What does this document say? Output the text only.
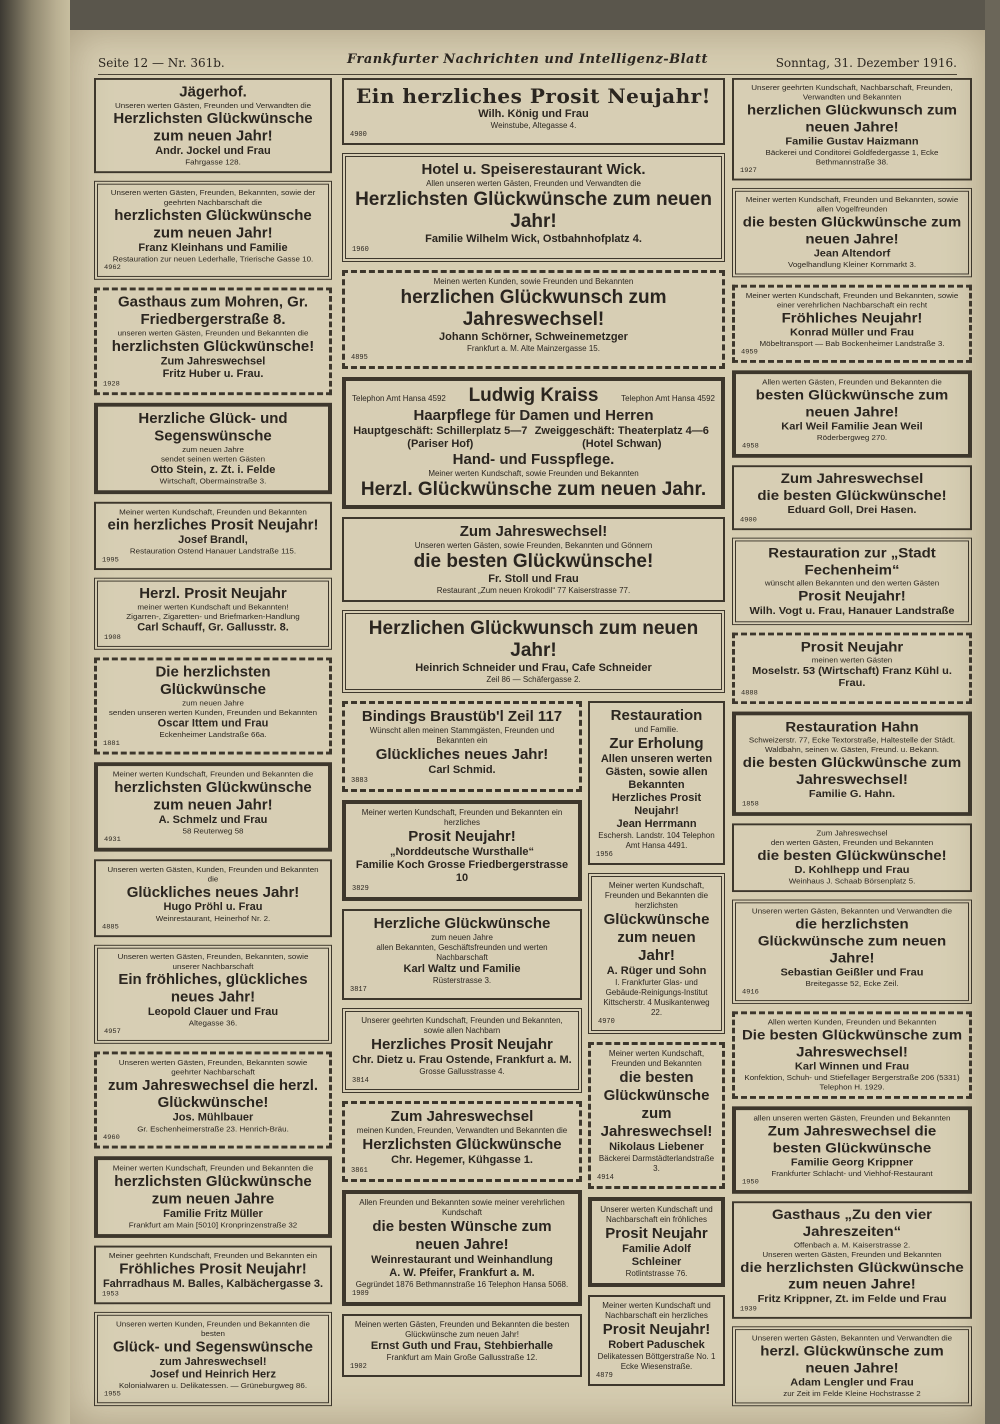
Seite 12 — Nr. 361b.	Frankfurter Nachrichten und Intelligenz-Blatt	Sonntag, 31. Dezember 1916.
Jägerhof.
Unseren werten Gästen, Freunden und Verwandten die
Herzlichsten Glückwünsche zum neuen Jahr!
Andr. Jockel und Frau
Fahrgasse 128.
Unseren werten Gästen, Freunden, Bekannten, sowie der geehrten Nachbarschaft die
herzlichsten Glückwünsche zum neuen Jahr!
Franz Kleinhans und Familie
Restauration zur neuen Lederhalle, Trierische Gasse 10.
4962
Gasthaus zum Mohren, Gr. Friedbergerstraße 8.
unseren werten Gästen, Freunden und Bekannten die
herzlichsten Glückwünsche!
Zum Jahreswechsel
Fritz Huber u. Frau.
1928
Herzliche Glück- und Segenswünsche
zum neuen Jahre
sendet seinen werten Gästen
Otto Stein, z. Zt. i. Felde
Wirtschaft, Obermainstraße 3.
Meiner werten Kundschaft, Freunden und Bekannten
ein herzliches Prosit Neujahr!
Josef Brandl,
Restauration Ostend Hanauer Landstraße 115.
1995
Herzl. Prosit Neujahr
meiner werten Kundschaft und Bekannten!
Zigarren-, Zigaretten- und Briefmarken-Handlung
Carl Schauff, Gr. Gallusstr. 8.
1908
Die herzlichsten Glückwünsche
zum neuen Jahre
senden unseren werten Kunden, Freunden und Bekannten
Oscar Ittem und Frau
Eckenheimer Landstraße 66a.
1881
Meiner werten Kundschaft, Freunden und Bekannten die
herzlichsten Glückwünsche zum neuen Jahr!
A. Schmelz und Frau
58 Reuterweg 58
4931
Unseren werten Gästen, Kunden, Freunden und Bekannten die
Glückliches neues Jahr!
Hugo Pröhl u. Frau
Weinrestaurant, Heinerhof Nr. 2.
4885
Unseren werten Gästen, Freunden, Bekannten, sowie unserer Nachbarschaft
Ein fröhliches, glückliches neues Jahr!
Leopold Clauer und Frau
Altegasse 36.
4957
Unseren werten Gästen, Freunden, Bekannten sowie geehrter Nachbarschaft
zum Jahreswechsel die herzl. Glückwünsche!
Jos. Mühlbauer
Gr. Eschenheimerstraße 23. Henrich-Bräu.
4960
Meiner werten Kundschaft, Freunden und Bekannten die
herzlichsten Glückwünsche zum neuen Jahre
Familie Fritz Müller
Frankfurt am Main [5010] Kronprinzenstraße 32
Meiner geehrten Kundschaft, Freunden und Bekannten ein
Fröhliches Prosit Neujahr!
Fahrradhaus M. Balles, Kalbächergasse 3.
1953
Unseren werten Kunden, Freunden und Bekannten die besten
Glück- und Segenswünsche
zum Jahreswechsel!
Josef und Heinrich Herz
Kolonialwaren u. Delikatessen. — Grüneburgweg 86.
1955
Ein herzliches Prosit Neujahr!
Wilh. König und Frau
Weinstube, Altegasse 4.
4900
Hotel u. Speiserestaurant Wick.
Allen unseren werten Gästen, Freunden und Verwandten die
Herzlichsten Glückwünsche zum neuen Jahr!
Familie Wilhelm Wick, Ostbahnhofplatz 4.
1960
Meinen werten Kunden, sowie Freunden und Bekannten
herzlichen Glückwunsch zum Jahreswechsel!
Johann Schörner, Schweinemetzger
Frankfurt a. M. Alte Mainzergasse 15.
4895
Telephon Amt Hansa 4592 Ludwig Kraiss	Telephon Amt Hansa 4592
Haarpflege für Damen und Herren
Hauptgeschäft: Schillerplatz 5—7 (Pariser Hof)
Zweiggeschäft: Theaterplatz 4—6 (Hotel Schwan)
Hand- und Fusspflege.
Meiner werten Kundschaft, sowie Freunden und Bekannten
Herzl. Glückwünsche zum neuen Jahr.
Zum Jahreswechsel!
Unseren werten Gästen, sowie Freunden, Bekannten und Gönnern
die besten Glückwünsche!
Fr. Stoll und Frau
Restaurant „Zum neuen Krokodil“ 77 Kaiserstrasse 77.
Herzlichen Glückwunsch zum neuen Jahr!
Heinrich Schneider und Frau, Cafe Schneider
Zeil 86 — Schäfergasse 2.
Bindings Braustüb'l Zeil 117
Wünscht allen meinen Stammgästen, Freunden und Bekannten ein
Glückliches neues Jahr!
Carl Schmid.
3883
Meiner werten Kundschaft, Freunden und Bekannten ein herzliches
Prosit Neujahr!
„Norddeutsche Wursthalle“
Familie Koch Grosse Friedbergerstrasse 10
3829
Herzliche Glückwünsche
zum neuen Jahre
allen Bekannten, Geschäftsfreunden und werten Nachbarschaft
Karl Waltz und Familie
Rüsterstrasse 3.
3817
Unserer geehrten Kundschaft, Freunden und Bekannten, sowie allen Nachbarn
Herzliches Prosit Neujahr
Chr. Dietz u. Frau Ostende, Frankfurt a. M.
Grosse Gallusstrasse 4.
3814
Zum Jahreswechsel
meinen Kunden, Freunden, Verwandten und Bekannten die
Herzlichsten Glückwünsche
Chr. Hegemer, Kühgasse 1.
3861
Allen Freunden und Bekannten sowie meiner verehrlichen Kundschaft
die besten Wünsche zum neuen Jahre!
Weinrestaurant und Weinhandlung
A. W. Pfeifer, Frankfurt a. M.
Gegründet 1876 Bethmannstraße 16 Telephon Hansa 5068.
1909
Meinen werten Gästen, Freunden und Bekannten die besten Glückwünsche zum neuen Jahr!
Ernst Guth und Frau, Stehbierhalle
Frankfurt am Main Große Gallusstraße 12.
1902
Restauration
und Familie.
Zur Erholung
Allen unseren werten Gästen, sowie allen Bekannten
Herzliches Prosit Neujahr!
Jean Herrmann
Eschersh. Landstr. 104 Telephon Amt Hansa 4491.
1956
Meiner werten Kundschaft, Freunden und Bekannten die herzlichsten
Glückwünsche zum neuen Jahr!
A. Rüger und Sohn
I. Frankfurter Glas- und Gebäude-Reinigungs-Institut Kittscherstr. 4 Musikantenweg 22.
4970
Meiner werten Kundschaft, Freunden und Bekannten
die besten Glückwünsche zum Jahreswechsel!
Nikolaus Liebener
Bäckerei Darmstädterlandstraße 3.
4914
Unserer werten Kundschaft und Nachbarschaft ein fröhliches
Prosit Neujahr
Familie Adolf Schleiner
Rotlintstrasse 76.
Meiner werten Kundschaft und Nachbarschaft ein herzliches
Prosit Neujahr!
Robert Paduschek
Delikatessen Böttgerstraße No. 1 Ecke Wiesenstraße.
4879
Unserer geehrten Kundschaft, Nachbarschaft, Freunden, Verwandten und Bekannten
herzlichen Glückwunsch zum neuen Jahre!
Familie Gustav Haizmann
Bäckerei und Conditorei Goldfedergasse 1, Ecke Bethmannstraße 38.
1927
Meiner werten Kundschaft, Freunden und Bekannten, sowie allen Vogelfreunden
die besten Glückwünsche zum neuen Jahre!
Jean Altendorf
Vogelhandlung Kleiner Kornmarkt 3.
Meiner werten Kundschaft, Freunden und Bekannten, sowie einer verehrlichen Nachbarschaft ein recht
Fröhliches Neujahr!
Konrad Müller und Frau
Möbeltransport — Bab Bockenheimer Landstraße 3.
4959
Allen werten Gästen, Freunden und Bekannten die
besten Glückwünsche zum neuen Jahre!
Karl Weil Familie Jean Weil
Röderbergweg 270.
4958
Zum Jahreswechsel
die besten Glückwünsche!
Eduard Goll, Drei Hasen.
4900
Restauration zur „Stadt Fechenheim“
wünscht allen Bekannten und den werten Gästen
Prosit Neujahr!
Wilh. Vogt u. Frau, Hanauer Landstraße
Prosit Neujahr
meinen werten Gästen
Moselstr. 53 (Wirtschaft) Franz Kühl u. Frau.
4888
Restauration Hahn
Schweizerstr. 77, Ecke Textorstraße, Haltestelle der Städt. Waldbahn, seinen w. Gästen, Freund. u. Bekann.
die besten Glückwünsche zum Jahreswechsel!
Familie G. Hahn.
1858
Zum Jahreswechsel
den werten Gästen, Freunden und Bekannten
die besten Glückwünsche!
D. Kohlhepp und Frau
Weinhaus J. Schaab Börsenplatz 5.
Unseren werten Gästen, Bekannten und Verwandten die
die herzlichsten Glückwünsche zum neuen Jahre!
Sebastian Geißler und Frau
Breitegasse 52, Ecke Zeil.
4916
Allen werten Kunden, Freunden und Bekannten
Die besten Glückwünsche zum Jahreswechsel!
Karl Winnen und Frau
Konfektion, Schuh- und Stiefellager Bergerstraße 206 (5331) Telephon H. 1929.
allen unseren werten Gästen, Freunden und Bekannten
Zum Jahreswechsel die besten Glückwünsche
Familie Georg Krippner
Frankfurter Schlacht- und Viehhof-Restaurant
1950
Gasthaus „Zu den vier Jahreszeiten“
Offenbach a. M. Kaiserstrasse 2.
Unseren werten Gästen, Freunden und Bekannten
die herzlichsten Glückwünsche zum neuen Jahre!
Fritz Krippner, Zt. im Felde und Frau
1939
Unseren werten Gästen, Bekannten und Verwandten die
herzl. Glückwünsche zum neuen Jahre!
Adam Lengler und Frau
zur Zeit im Felde Kleine Hochstrasse 2
